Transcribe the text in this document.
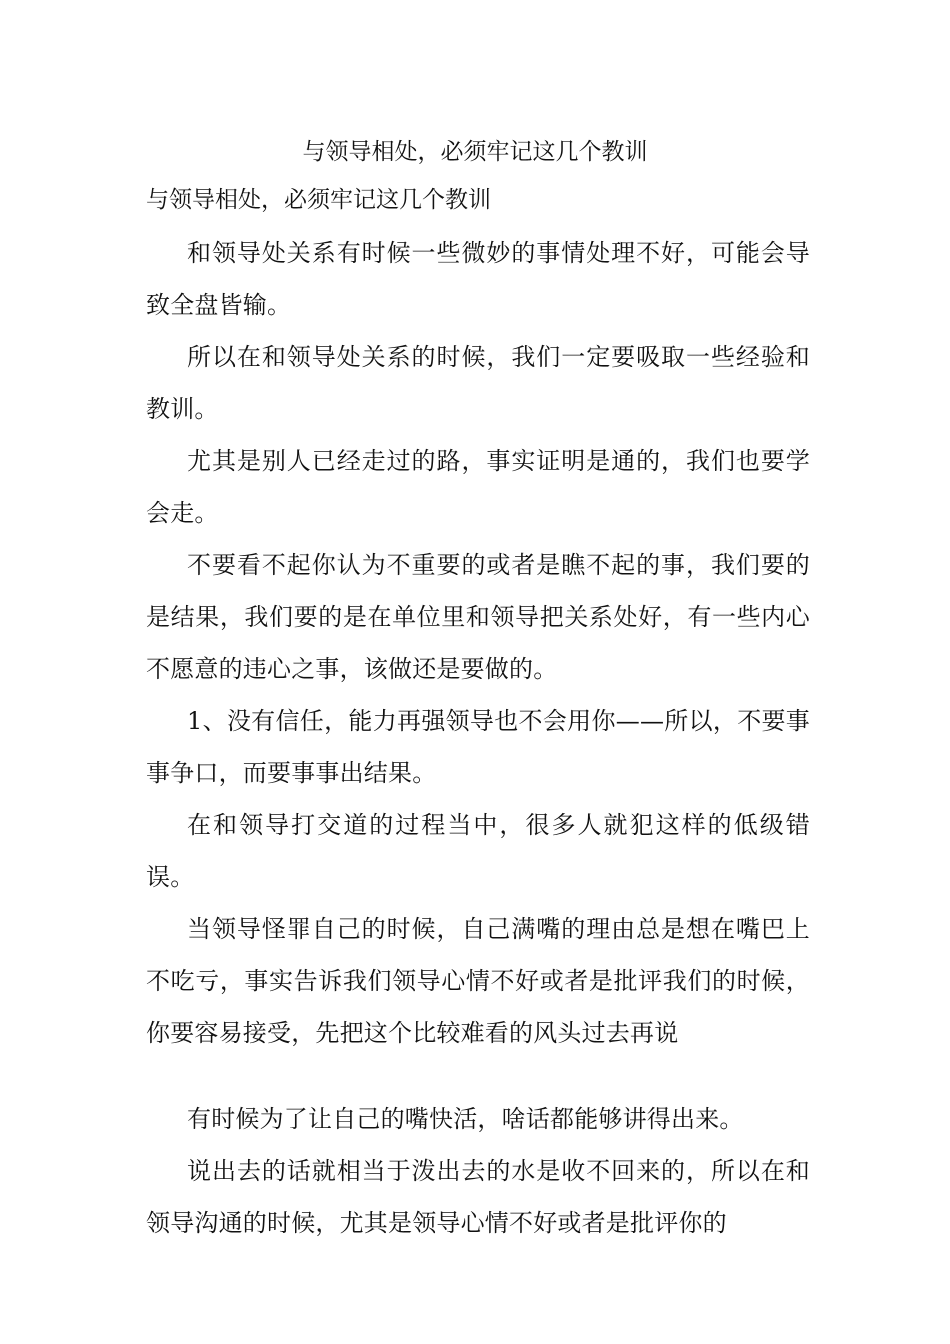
与领导相处，必须牢记这几个教训
与领导相处，必须牢记这几个教训

和领导处关系有时候一些微妙的事情处理不好，可能会导致全盘皆输。

所以在和领导处关系的时候，我们一定要吸取一些经验和教训。

尤其是别人已经走过的路，事实证明是通的，我们也要学会走。

不要看不起你认为不重要的或者是瞧不起的事，我们要的是结果，我们要的是在单位里和领导把关系处好，有一些内心不愿意的违心之事，该做还是要做的。

1、没有信任，能力再强领导也不会用你——所以，不要事事争口，而要事事出结果。

在和领导打交道的过程当中，很多人就犯这样的低级错误。

当领导怪罪自己的时候，自己满嘴的理由总是想在嘴巴上不吃亏，事实告诉我们领导心情不好或者是批评我们的时候，你要容易接受，先把这个比较难看的风头过去再说

有时候为了让自己的嘴快活，啥话都能够讲得出来。

说出去的话就相当于泼出去的水是收不回来的，所以在和领导沟通的时候，尤其是领导心情不好或者是批评你的
